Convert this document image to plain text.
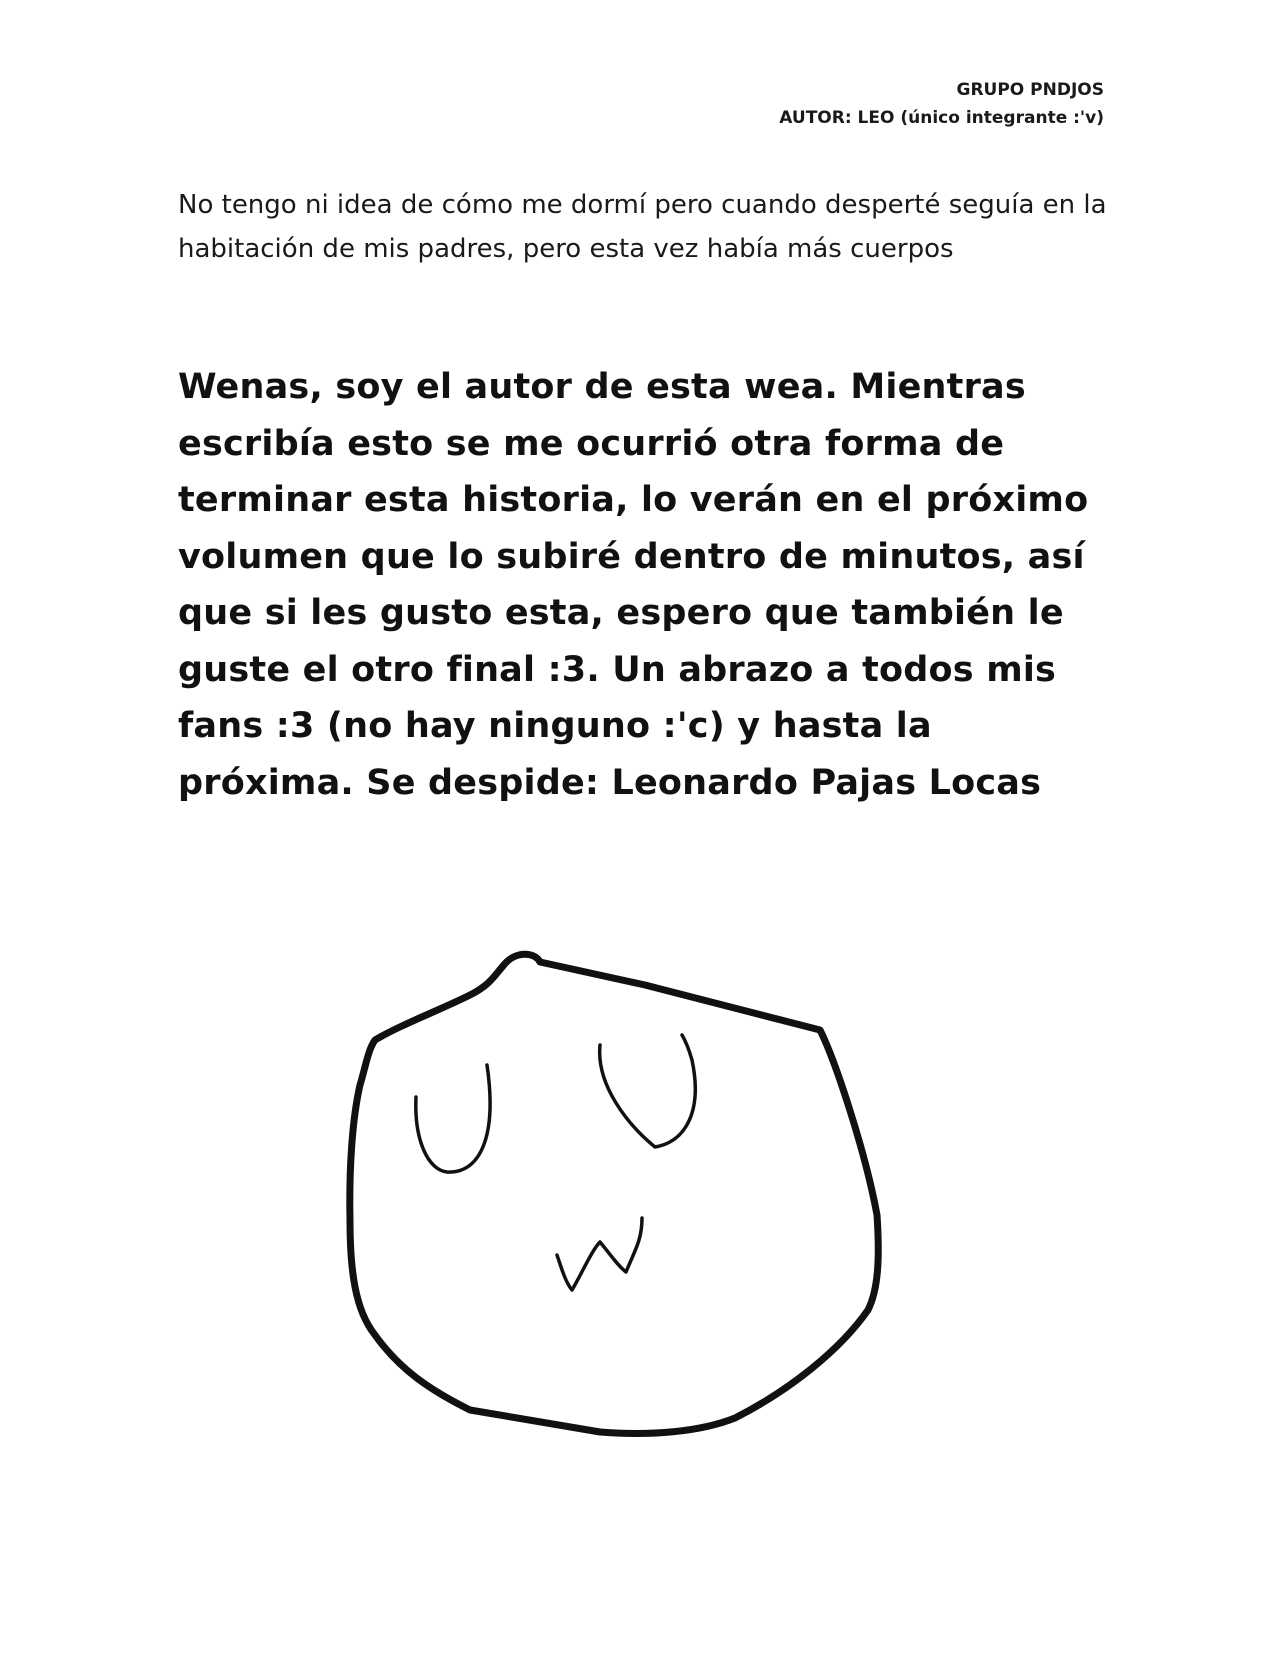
GRUPO PNDJOS
AUTOR: LEO (único integrante :'v)

No tengo ni idea de cómo me dormí pero cuando desperté seguía en la habitación de mis padres, pero esta vez había más cuerpos

Wenas, soy el autor de esta wea. Mientras escribía esto se me ocurrió otra forma de terminar esta historia, lo verán en el próximo volumen que lo subiré dentro de minutos, así que si les gusto esta, espero que también le guste el otro final :3. Un abrazo a todos mis fans :3 (no hay ninguno :'c) y hasta la próxima. Se despide: Leonardo Pajas Locas
